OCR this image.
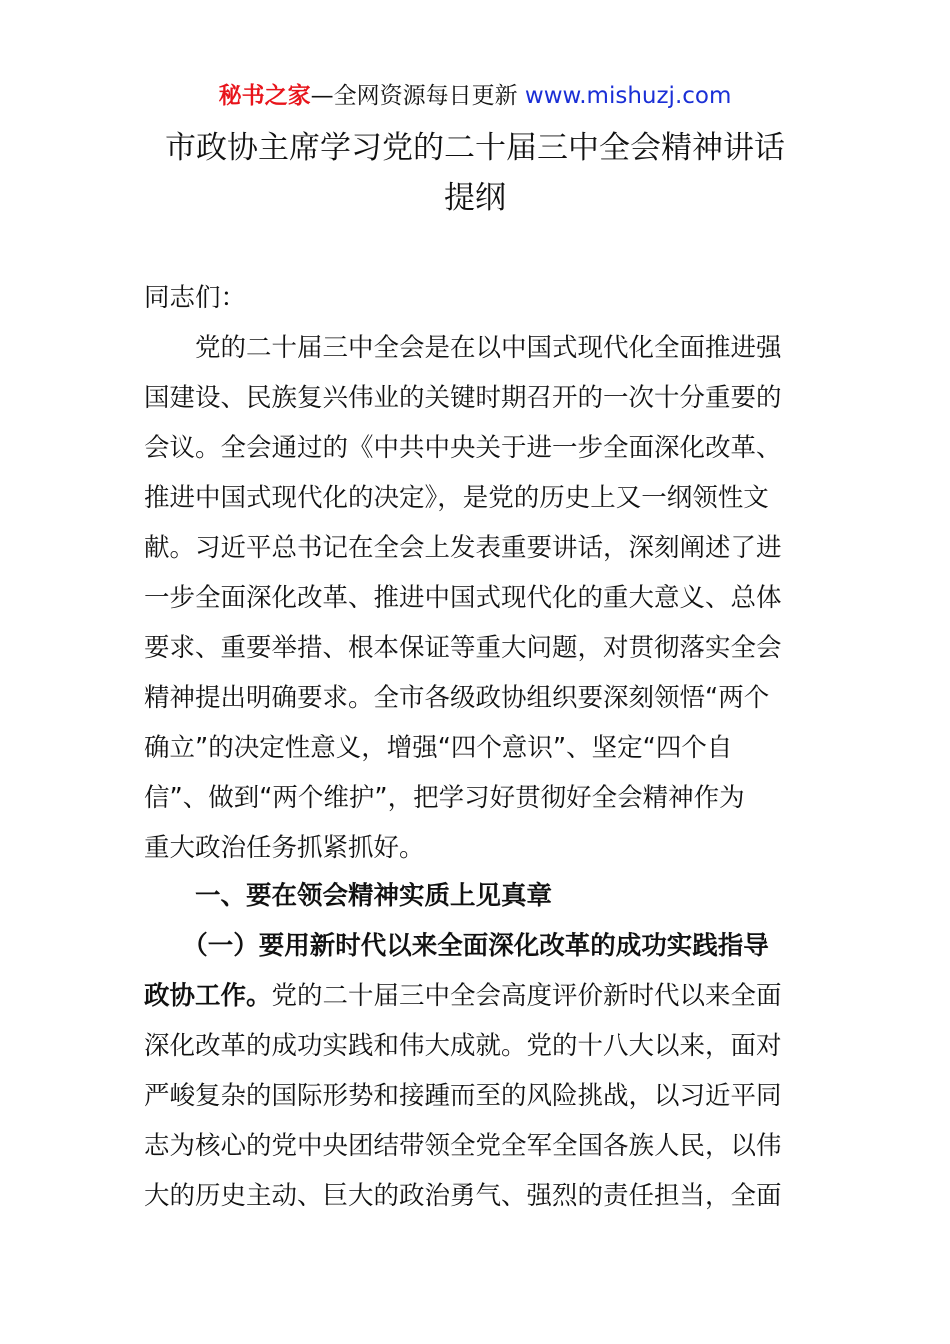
秘书之家—全网资源每日更新 www.mishuzj.com
市政协主席学习党的二十届三中全会精神讲话
提纲
同志们：
　　党的二十届三中全会是在以中国式现代化全面推进强
国建设、民族复兴伟业的关键时期召开的一次十分重要的
会议。全会通过的《中共中央关于进一步全面深化改革、
推进中国式现代化的决定》，是党的历史上又一纲领性文
献。习近平总书记在全会上发表重要讲话，深刻阐述了进
一步全面深化改革、推进中国式现代化的重大意义、总体
要求、重要举措、根本保证等重大问题，对贯彻落实全会
精神提出明确要求。全市各级政协组织要深刻领悟“两个
确立”的决定性意义，增强“四个意识”、坚定“四个自
信”、做到“两个维护”，把学习好贯彻好全会精神作为
重大政治任务抓紧抓好。
　　一、要在领会精神实质上见真章
　　（一）要用新时代以来全面深化改革的成功实践指导
政协工作。党的二十届三中全会高度评价新时代以来全面
深化改革的成功实践和伟大成就。党的十八大以来，面对
严峻复杂的国际形势和接踵而至的风险挑战，以习近平同
志为核心的党中央团结带领全党全军全国各族人民，以伟
大的历史主动、巨大的政治勇气、强烈的责任担当，全面
